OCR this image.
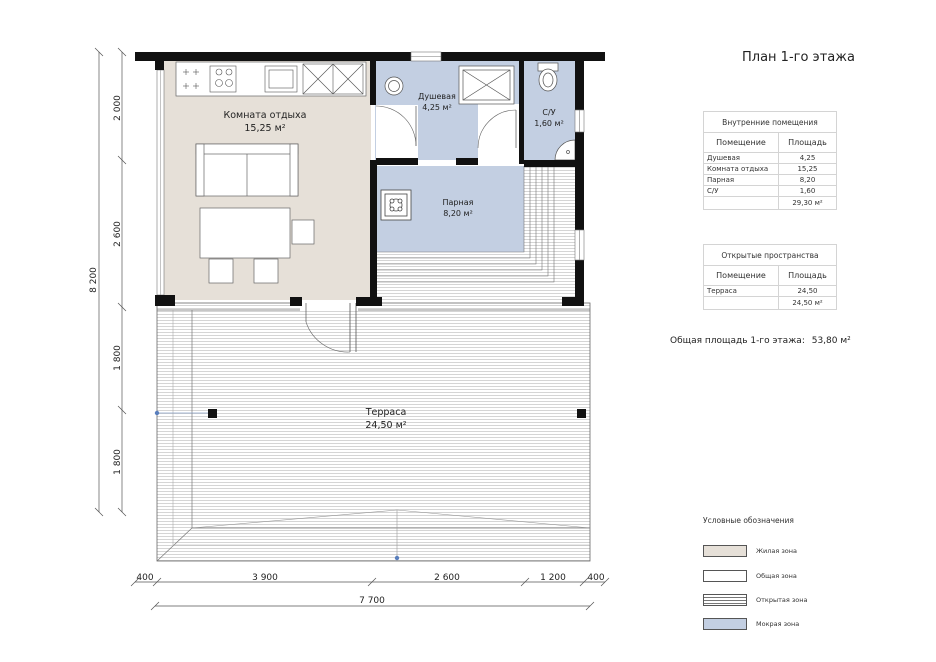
Комната отдыха
15,25 м²
Душевая
4,25 м²
С/У
1,60 м²
Парная
8,20 м²
Терраса
24,50 м²
8 200
2 000
2 600
1 800
1 800
400	3 900	2 600	1 200 400
7 700
План 1-го этажа
Внутренние помещения	
Помещение	Площадь
Душевая	4,25
Комната отдыха	15,25
Парная	8,20
С/У	1,60
	29,30 м²
Открытые пространства	
Помещение	Площадь
Терраса	24,50
	24,50 м²
Общая площадь 1-го этажа: 53,80 м²
Условные обозначения
Жилая зона
Общая зона
Открытая зона
Мокрая зона
